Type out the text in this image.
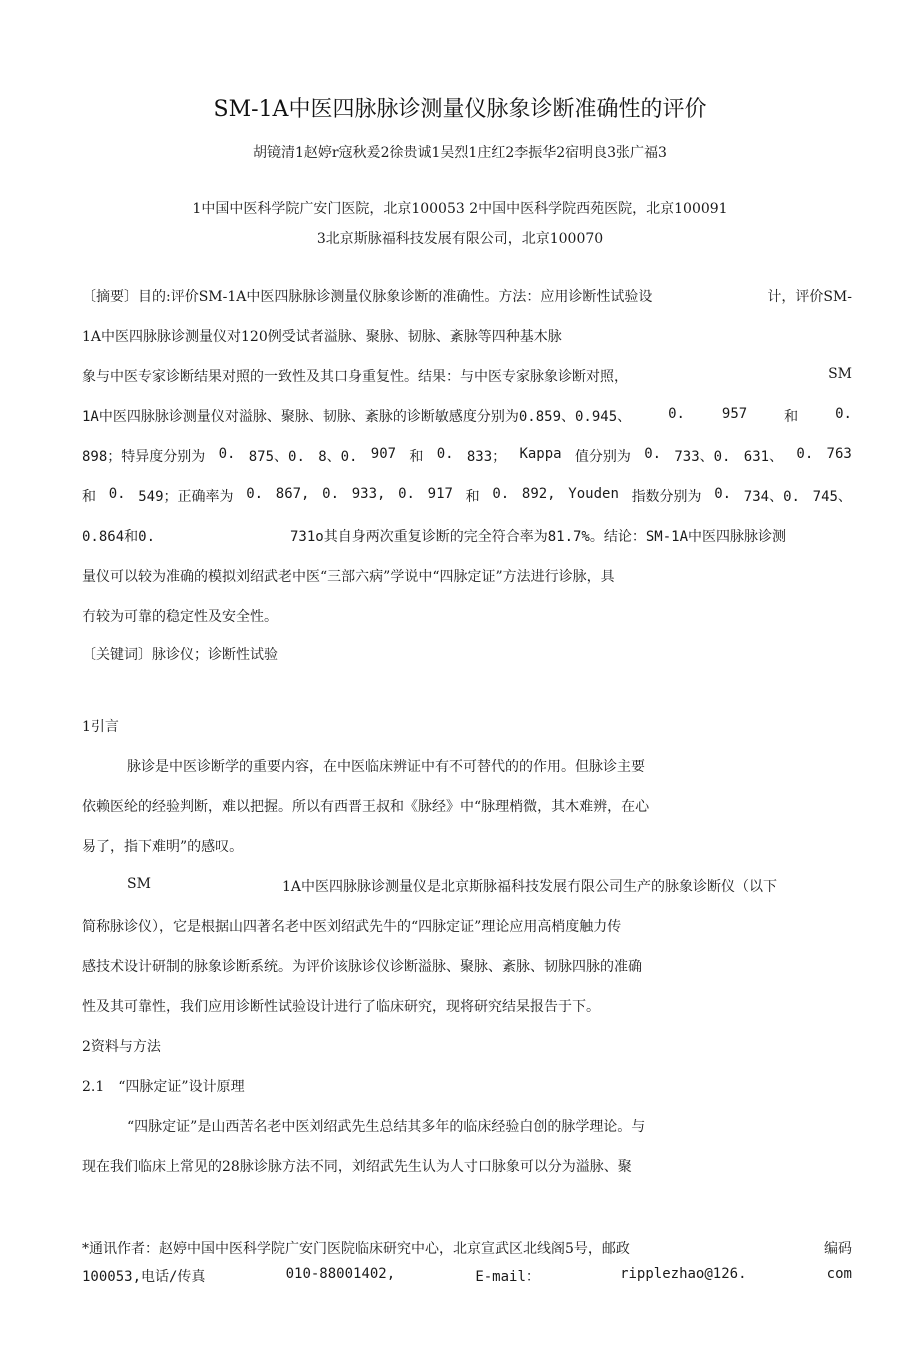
SM-1A中医四脉脉诊测量仪脉象诊断准确性的评价
胡镜清1赵婷r寇秋爰2徐贵诚1吴烈1庄红2李振华2宿明良3张广福3
1中国中医科学院广安门医院，北京100053 2中国中医科学院西苑医院，北京100091
3北京斯脉福科技发展有限公司，北京100070
〔摘要〕目的:评价SM-1A中医四脉脉诊测量仪脉象诊断的准确性。方法：应用诊断性试验设	计，评价SM-
1A中医四脉脉诊测量仪对120例受试者溢脉、聚脉、韧脉、紊脉等四种基木脉
象与中医专家诊断结果对照的一致性及其口身重复性。结果：与中医专家脉象诊断对照，	SM
1A中医四脉脉诊测量仪对溢脉、聚脉、韧脉、紊脉的诊断敏感度分别为0.859、0.945、	0.	957	和	0.
898；特异度分别为 0. 875、0. 8、0. 907 和 0. 833； Kappa 值分别为 0. 733、0. 631、 0. 763
和 0. 549；正确率为 0. 867, 0. 933, 0. 917 和 0. 892, Youden 指数分别为 0. 734、0. 745、
0.864和0.	731o其自身两次重复诊断的完全符合率为81.7%。结论：SM-1A中医四脉脉诊测
量仪可以较为准确的模拟刘绍武老中医“三部六病”学说中“四脉定证”方法进行诊脉，具
冇较为可靠的稳定性及安全性。
〔关键词〕脉诊仪；诊断性试验
1引言
脉诊是中医诊断学的重要内容，在中医临床辨证中有不可替代的的作用。但脉诊主要
依赖医纶的经验判断，难以把握。所以有西晋王叔和《脉经》中“脉理梢微，其木难辨，在心
易了，指下难明”的感叹。
SM	1A中医四脉脉诊测量仪是北京斯脉福科技发展冇限公司生产的脉象诊断仪（以下
简称脉诊仪），它是根据山四著名老中医刘绍武先牛的“四脉定证”理论应用高梢度触力传
感技术设计研制的脉象诊断系统。为评价该脉诊仪诊断溢脉、聚脉、紊脉、韧脉四脉的准确
性及其可靠性，我们应用诊断性试验设计进行了临床研究，现将研究结杲报告于下。
2资料与方法
2.1　“四脉定证”设计原理
“四脉定证”是山西苦名老中医刘绍武先生总结其多年的临床经验白创的脉学理论。与
现在我们临床上常见的28脉诊脉方法不同，刘绍武先生认为人寸口脉象可以分为溢脉、聚
*通讯作者：赵婷中国中医科学院广安门医院临床研究中心，北京宣武区北线阁5号，邮政	编码
100053,电话/传真	010-88001402,	E-mail：	ripplezhao@126.	com
